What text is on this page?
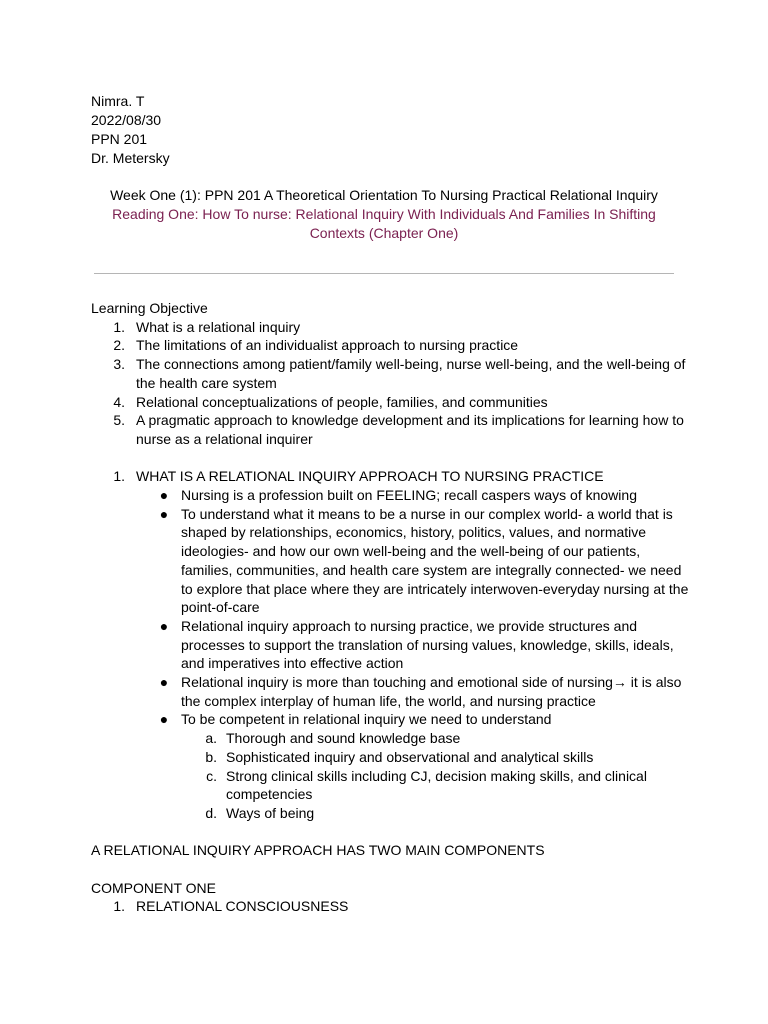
Nimra. T
2022/08/30
PPN 201
Dr. Metersky
Week One (1): PPN 201 A Theoretical Orientation To Nursing Practical Relational Inquiry
Reading One: How To nurse: Relational Inquiry With Individuals And Families In Shifting Contexts (Chapter One)
Learning Objective
1. What is a relational inquiry
2. The limitations of an individualist approach to nursing practice
3. The connections among patient/family well-being, nurse well-being, and the well-being of the health care system
4. Relational conceptualizations of people, families, and communities
5. A pragmatic approach to knowledge development and its implications for learning how to nurse as a relational inquirer
1. WHAT IS A RELATIONAL INQUIRY APPROACH TO NURSING PRACTICE
● Nursing is a profession built on FEELING; recall caspers ways of knowing
● To understand what it means to be a nurse in our complex world- a world that is shaped by relationships, economics, history, politics, values, and normative ideologies- and how our own well-being and the well-being of our patients, families, communities, and health care system are integrally connected- we need to explore that place where they are intricately interwoven-everyday nursing at the point-of-care
● Relational inquiry approach to nursing practice, we provide structures and processes to support the translation of nursing values, knowledge, skills, ideals, and imperatives into effective action
● Relational inquiry is more than touching and emotional side of nursing→ it is also the complex interplay of human life, the world, and nursing practice
● To be competent in relational inquiry we need to understand
a. Thorough and sound knowledge base
b. Sophisticated inquiry and observational and analytical skills
c. Strong clinical skills including CJ, decision making skills, and clinical competencies
d. Ways of being
A RELATIONAL INQUIRY APPROACH HAS TWO MAIN COMPONENTS
COMPONENT ONE
1. RELATIONAL CONSCIOUSNESS
